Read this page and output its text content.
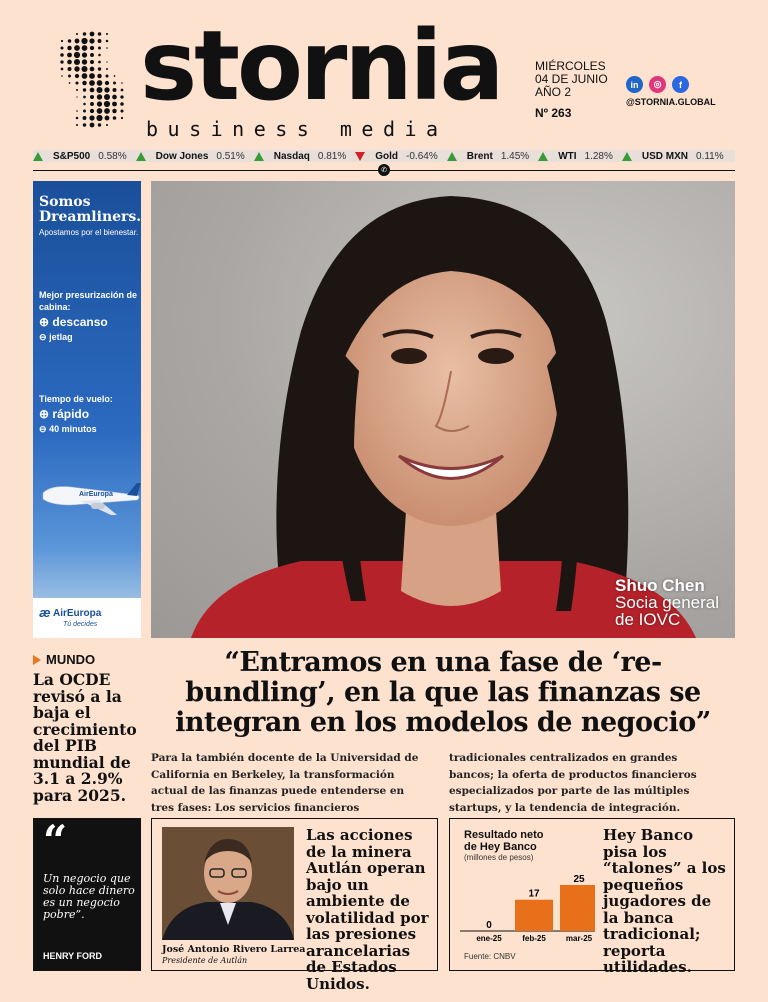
stornia
business media
MIÉRCOLES
04 DE JUNIO
AÑO 2
Nº 263
in	◎	f
@STORNIA.GLOBAL
S&P500 0.58%	Dow Jones 0.51%	Nasdaq 0.81%	Gold -0.64%	Brent 1.45%	WTI 1.28%	USD MXN 0.11%
✆
Somos Dreamliners.
Apostamos por el bienestar.
Mejor presurización de cabina:
⊕ descanso
⊖ jetlag
Tiempo de vuelo:
⊕ rápido
⊖ 40 minutos
AirEuropa
æ AirEuropa
Tú decides
Shuo Chen
Socia general
de IOVC
MUNDO
La OCDE revisó a la baja el crecimiento del PIB mundial de 3.1 a 2.9% para 2025.
“Entramos en una fase de ‘re-bundling’, en la que las finanzas se integran en los modelos de negocio”
Para la también docente de la Universidad de California en Berkeley, la transformación actual de las finanzas puede entenderse en tres fases: Los servicios financieros
tradicionales centralizados en grandes bancos; la oferta de productos financieros especializados por parte de las múltiples startups, y la tendencia de integración.
“
Un negocio que solo hace dinero es un negocio pobre”.
HENRY FORD
José Antonio Rivero Larrea
Presidente de Autlán
Las acciones de la minera Autlán operan bajo un ambiente de volatilidad por las presiones arancelarias de Estados Unidos.
Resultado neto
de Hey Banco
(millones de pesos)
0
ene-25
17
feb-25
25
mar-25
Fuente: CNBV
Hey Banco pisa los “talones” a los pequeños jugadores de la banca tradicional; reporta utilidades.
